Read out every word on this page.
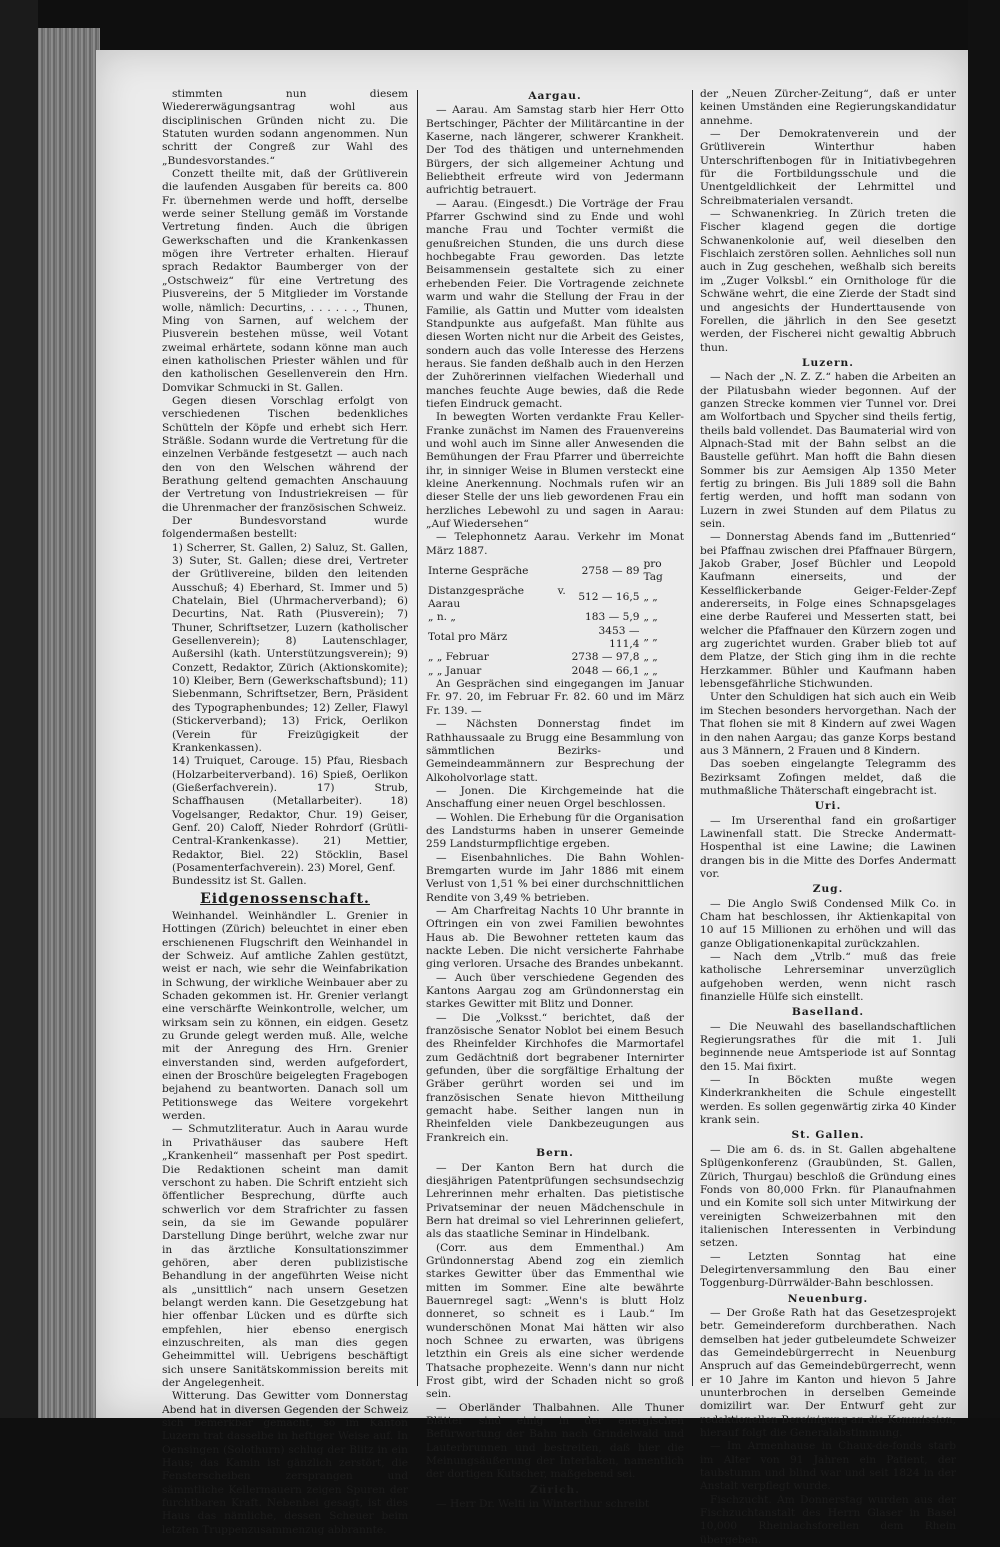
stimmten nun diesem Wiedererwägungsantrag wohl aus disciplinischen Gründen nicht zu. Die Statuten wurden sodann angenommen. Nun schritt der Congreß zur Wahl des „Bundesvorstandes.“

Conzett theilte mit, daß der Grütliverein die laufenden Ausgaben für bereits ca. 800 Fr. übernehmen werde und hofft, derselbe werde seiner Stellung gemäß im Vorstande Vertretung finden. Auch die übrigen Gewerkschaften und die Krankenkassen mögen ihre Vertreter erhalten. Hierauf sprach Redaktor Baumberger von der „Ostschweiz“ für eine Vertretung des Piusvereins, der 5 Mitglieder im Vorstande wolle, nämlich: Decurtins, . . . . . ., Thunen, Ming von Sarnen, auf welchem der Piusverein bestehen müsse, weil Votant zweimal erhärtete, sodann könne man auch einen katholischen Priester wählen und für den katholischen Gesellenverein den Hrn. Domvikar Schmucki in St. Gallen.

Gegen diesen Vorschlag erfolgt von verschiedenen Tischen bedenkliches Schütteln der Köpfe und erhebt sich Herr. Sträßle. Sodann wurde die Vertretung für die einzelnen Verbände festgesetzt — auch nach den von den Welschen während der Berathung geltend gemachten Anschauung der Vertretung von Industriekreisen — für die Uhrenmacher der französischen Schweiz.

Der Bundesvorstand wurde folgendermaßen bestellt:

1) Scherrer, St. Gallen, 2) Saluz, St. Gallen, 3) Suter, St. Gallen; diese drei, Vertreter der Grütlivereine, bilden den leitenden Ausschuß; 4) Eberhard, St. Immer und 5) Chatelain, Biel (Uhrmacherverband); 6) Decurtins, Nat. Rath (Piusverein); 7) Thuner, Schriftsetzer, Luzern (katholischer Gesellenverein); 8) Lautenschlager, Außersihl (kath. Unterstützungsverein); 9) Conzett, Redaktor, Zürich (Aktionskomite); 10) Kleiber, Bern (Gewerkschaftsbund); 11) Siebenmann, Schriftsetzer, Bern, Präsident des Typographenbundes; 12) Zeller, Flawyl (Stickerverband); 13) Frick, Oerlikon (Verein für Freizügigkeit der Krankenkassen).

14) Truiquet, Carouge. 15) Pfau, Riesbach (Holzarbeiterverband). 16) Spieß, Oerlikon (Gießerfachverein). 17) Strub, Schaffhausen (Metallarbeiter). 18) Vogelsanger, Redaktor, Chur. 19) Geiser, Genf. 20) Caloff, Nieder Rohrdorf (Grütli-Central-Krankenkasse). 21) Mettier, Redaktor, Biel. 22) Stöcklin, Basel (Posamenterfachverein). 23) Morel, Genf.

Bundessitz ist St. Gallen.

Eidgenossenschaft.

Weinhandel. Weinhändler L. Grenier in Hottingen (Zürich) beleuchtet in einer eben erschienenen Flugschrift den Weinhandel in der Schweiz. Auf amtliche Zahlen gestützt, weist er nach, wie sehr die Weinfabrikation in Schwung, der wirkliche Weinbauer aber zu Schaden gekommen ist. Hr. Grenier verlangt eine verschärfte Weinkontrolle, welcher, um wirksam sein zu können, ein eidgen. Gesetz zu Grunde gelegt werden muß. Alle, welche mit der Anregung des Hrn. Grenier einverstanden sind, werden aufgefordert, einen der Broschüre beigelegten Fragebogen bejahend zu beantworten. Danach soll um Petitionswege das Weitere vorgekehrt werden.

— Schmutzliteratur. Auch in Aarau wurde in Privathäuser das saubere Heft „Krankenheil“ massenhaft per Post spedirt. Die Redaktionen scheint man damit verschont zu haben. Die Schrift entzieht sich öffentlicher Besprechung, dürfte auch schwerlich vor dem Strafrichter zu fassen sein, da sie im Gewande populärer Darstellung Dinge berührt, welche zwar nur in das ärztliche Konsultationszimmer gehören, aber deren publizistische Behandlung in der angeführten Weise nicht als „unsittlich“ nach unsern Gesetzen belangt werden kann. Die Gesetzgebung hat hier offenbar Lücken und es dürfte sich empfehlen, hier ebenso energisch einzuschreiten, als man dies gegen Geheimmittel will. Uebrigens beschäftigt sich unsere Sanitätskommission bereits mit der Angelegenheit.

Witterung. Das Gewitter vom Donnerstag Abend hat in diversen Gegenden der Schweiz sich bemerkbar gemacht, so im Kanton Luzern trat dasselbe in heftiger Weise auf. In Oensingen (Solothurn) schlug der Blitz in ein Haus; das Kamin ist gänzlich zerstört, die Fensterscheiben zersprangen und sämmtliche Kellermauern zeigen Spuren der furchtbaren Kraft. Nebenbei gesagt, ist dies Haus das nämliche, dessen Scheuer beim letzten Truppenzusammenzug abbrannte.

Aargau.

— Aarau. Am Samstag starb hier Herr Otto Bertschinger, Pächter der Militärcantine in der Kaserne, nach längerer, schwerer Krankheit. Der Tod des thätigen und unternehmenden Bürgers, der sich allgemeiner Achtung und Beliebtheit erfreute wird von Jedermann aufrichtig betrauert.

— Aarau. (Eingesdt.) Die Vorträge der Frau Pfarrer Gschwind sind zu Ende und wohl manche Frau und Tochter vermißt die genußreichen Stunden, die uns durch diese hochbegabte Frau geworden. Das letzte Beisammensein gestaltete sich zu einer erhebenden Feier. Die Vortragende zeichnete warm und wahr die Stellung der Frau in der Familie, als Gattin und Mutter vom idealsten Standpunkte aus aufgefaßt. Man fühlte aus diesen Worten nicht nur die Arbeit des Geistes, sondern auch das volle Interesse des Herzens heraus. Sie fanden deßhalb auch in den Herzen der Zuhörerinnen vielfachen Wiederhall und manches feuchte Auge bewies, daß die Rede tiefen Eindruck gemacht.

In bewegten Worten verdankte Frau Keller-Franke zunächst im Namen des Frauenvereins und wohl auch im Sinne aller Anwesenden die Bemühungen der Frau Pfarrer und überreichte ihr, in sinniger Weise in Blumen versteckt eine kleine Anerkennung. Nochmals rufen wir an dieser Stelle der uns lieb gewordenen Frau ein herzliches Lebewohl zu und sagen in Aarau: „Auf Wiedersehen“

— Telephonnetz Aarau. Verkehr im Monat März 1887.

Interne Gespräche	2758 — 89	pro Tag
Distanzgespräche v. Aarau	512 — 16,5	„ „
„ n. „	183 — 5,9	„ „
Total pro März	3453 — 111,4	„ „
„ „ Februar	2738 — 97,8	„ „
„ „ Januar	2048 — 66,1	„ „

An Gesprächen sind eingegangen im Januar Fr. 97. 20, im Februar Fr. 82. 60 und im März Fr. 139. —

— Nächsten Donnerstag findet im Rathhaussaale zu Brugg eine Besammlung von sämmtlichen Bezirks- und Gemeindeammännern zur Besprechung der Alkoholvorlage statt.

— Jonen. Die Kirchgemeinde hat die Anschaffung einer neuen Orgel beschlossen.

— Wohlen. Die Erhebung für die Organisation des Landsturms haben in unserer Gemeinde 259 Landsturmpflichtige ergeben.

— Eisenbahnliches. Die Bahn Wohlen-Bremgarten wurde im Jahr 1886 mit einem Verlust von 1,51 % bei einer durchschnittlichen Rendite von 3,49 % betrieben.

— Am Charfreitag Nachts 10 Uhr brannte in Oftringen ein von zwei Familien bewohntes Haus ab. Die Bewohner retteten kaum das nackte Leben. Die nicht versicherte Fahrhabe ging verloren. Ursache des Brandes unbekannt.

— Auch über verschiedene Gegenden des Kantons Aargau zog am Gründonnerstag ein starkes Gewitter mit Blitz und Donner.

— Die „Volksst.“ berichtet, daß der französische Senator Noblot bei einem Besuch des Rheinfelder Kirchhofes die Marmortafel zum Gedächtniß dort begrabener Internirter gefunden, über die sorgfältige Erhaltung der Gräber gerührt worden sei und im französischen Senate hievon Mittheilung gemacht habe. Seither langen nun in Rheinfelden viele Dankbezeugungen aus Frankreich ein.

Bern.

— Der Kanton Bern hat durch die diesjährigen Patentprüfungen sechsundsechzig Lehrerinnen mehr erhalten. Das pietistische Privatseminar der neuen Mädchenschule in Bern hat dreimal so viel Lehrerinnen geliefert, als das staatliche Seminar in Hindelbank.

(Corr. aus dem Emmenthal.) Am Gründonnerstag Abend zog ein ziemlich starkes Gewitter über das Emmenthal wie mitten im Sommer. Eine alte bewährte Bauernregel sagt: „Wenn's is blutt Holz donneret, so schneit es i Laub.“ Im wunderschönen Monat Mai hätten wir also noch Schnee zu erwarten, was übrigens letzthin ein Greis als eine sicher werdende Thatsache prophezeite. Wenn's dann nur nicht Frost gibt, wird der Schaden nicht so groß sein.

— Oberländer Thalbahnen. Alle Thuner Blätter sind einig in der energischen Befürwortung der Bahn nach Grindelwald und Lauterbrunnen und bestreiten, daß hier die Meinungsäußerung der Interlaken, namentlich der dortigen Kutscher, maßgebend sei.

Zürich.

— Herr Dr. Welti in Winterthur schreibt

der „Neuen Zürcher-Zeitung“, daß er unter keinen Umständen eine Regierungskandidatur annehme.

— Der Demokratenverein und der Grütliverein Winterthur haben Unterschriftenbogen für in Initiativbegehren für die Fortbildungsschule und die Unentgeldlichkeit der Lehrmittel und Schreibmaterialen versandt.

— Schwanenkrieg. In Zürich treten die Fischer klagend gegen die dortige Schwanenkolonie auf, weil dieselben den Fischlaich zerstören sollen. Aehnliches soll nun auch in Zug geschehen, weßhalb sich bereits im „Zuger Volksbl.“ ein Ornithologe für die Schwäne wehrt, die eine Zierde der Stadt sind und angesichts der Hunderttausende von Forellen, die jährlich in den See gesetzt werden, der Fischerei nicht gewaltig Abbruch thun.

Luzern.

— Nach der „N. Z. Z.“ haben die Arbeiten an der Pilatusbahn wieder begonnen. Auf der ganzen Strecke kommen vier Tunnel vor. Drei am Wolfortbach und Spycher sind theils fertig, theils bald vollendet. Das Baumaterial wird von Alpnach-Stad mit der Bahn selbst an die Baustelle geführt. Man hofft die Bahn diesen Sommer bis zur Aemsigen Alp 1350 Meter fertig zu bringen. Bis Juli 1889 soll die Bahn fertig werden, und hofft man sodann von Luzern in zwei Stunden auf dem Pilatus zu sein.

— Donnerstag Abends fand im „Buttenried“ bei Pfaffnau zwischen drei Pfaffnauer Bürgern, Jakob Graber, Josef Büchler und Leopold Kaufmann einerseits, und der Kesselflickerbande Geiger-Felder-Zepf andererseits, in Folge eines Schnapsgelages eine derbe Rauferei und Messerten statt, bei welcher die Pfaffnauer den Kürzern zogen und arg zugerichtet wurden. Graber blieb tot auf dem Platze, der Stich ging ihm in die rechte Herzkammer. Bühler und Kaufmann haben lebensgefährliche Stichwunden.

Unter den Schuldigen hat sich auch ein Weib im Stechen besonders hervorgethan. Nach der That flohen sie mit 8 Kindern auf zwei Wagen in den nahen Aargau; das ganze Korps bestand aus 3 Männern, 2 Frauen und 8 Kindern.

Das soeben eingelangte Telegramm des Bezirksamt Zofingen meldet, daß die muthmaßliche Thäterschaft eingebracht ist.

Uri.

— Im Urserenthal fand ein großartiger Lawinenfall statt. Die Strecke Andermatt-Hospenthal ist eine Lawine; die Lawinen drangen bis in die Mitte des Dorfes Andermatt vor.

Zug.

— Die Anglo Swiß Condensed Milk Co. in Cham hat beschlossen, ihr Aktienkapital von 10 auf 15 Millionen zu erhöhen und will das ganze Obligationenkapital zurückzahlen.

— Nach dem „Vtrlb.“ muß das freie katholische Lehrerseminar unverzüglich aufgehoben werden, wenn nicht rasch finanzielle Hülfe sich einstellt.

Baselland.

— Die Neuwahl des basellandschaftlichen Regierungsrathes für die mit 1. Juli beginnende neue Amtsperiode ist auf Sonntag den 15. Mai fixirt.

— In Böckten mußte wegen Kinderkrankheiten die Schule eingestellt werden. Es sollen gegenwärtig zirka 40 Kinder krank sein.

St. Gallen.

— Die am 6. ds. in St. Gallen abgehaltene Splügenkonferenz (Graubünden, St. Gallen, Zürich, Thurgau) beschloß die Gründung eines Fonds von 80,000 Frkn. für Planaufnahmen und ein Komite soll sich unter Mitwirkung der vereinigten Schweizerbahnen mit den italienischen Interessenten in Verbindung setzen.

— Letzten Sonntag hat eine Delegirtenversammlung den Bau einer Toggenburg-Dürrwälder-Bahn beschlossen.

Neuenburg.

— Der Große Rath hat das Gesetzesprojekt betr. Gemeindereform durchberathen. Nach demselben hat jeder gutbeleumdete Schweizer das Gemeindebürgerrecht in Neuenburg Anspruch auf das Gemeindebürgerrecht, wenn er 10 Jahre im Kanton und hievon 5 Jahre ununterbrochen in derselben Gemeinde domizilirt war. Der Entwurf geht zur redaktionellen Bereinigung an die Kommission, hierauf folgt die Generalabstimmung.

— Im Armenhause in Chaux-de-fonds starb im Alter von 91 Jahren ein Patient, der taubstumm und blind war und seit 1824 in der Anstalt verpflegt wurde.

Fischzucht. Am Donnerstag wurden aus der Fischzuchtanstalt des Herrn Glaser in Basel 10,000 Rheinlachsforellen dem Rhein übergeben.
